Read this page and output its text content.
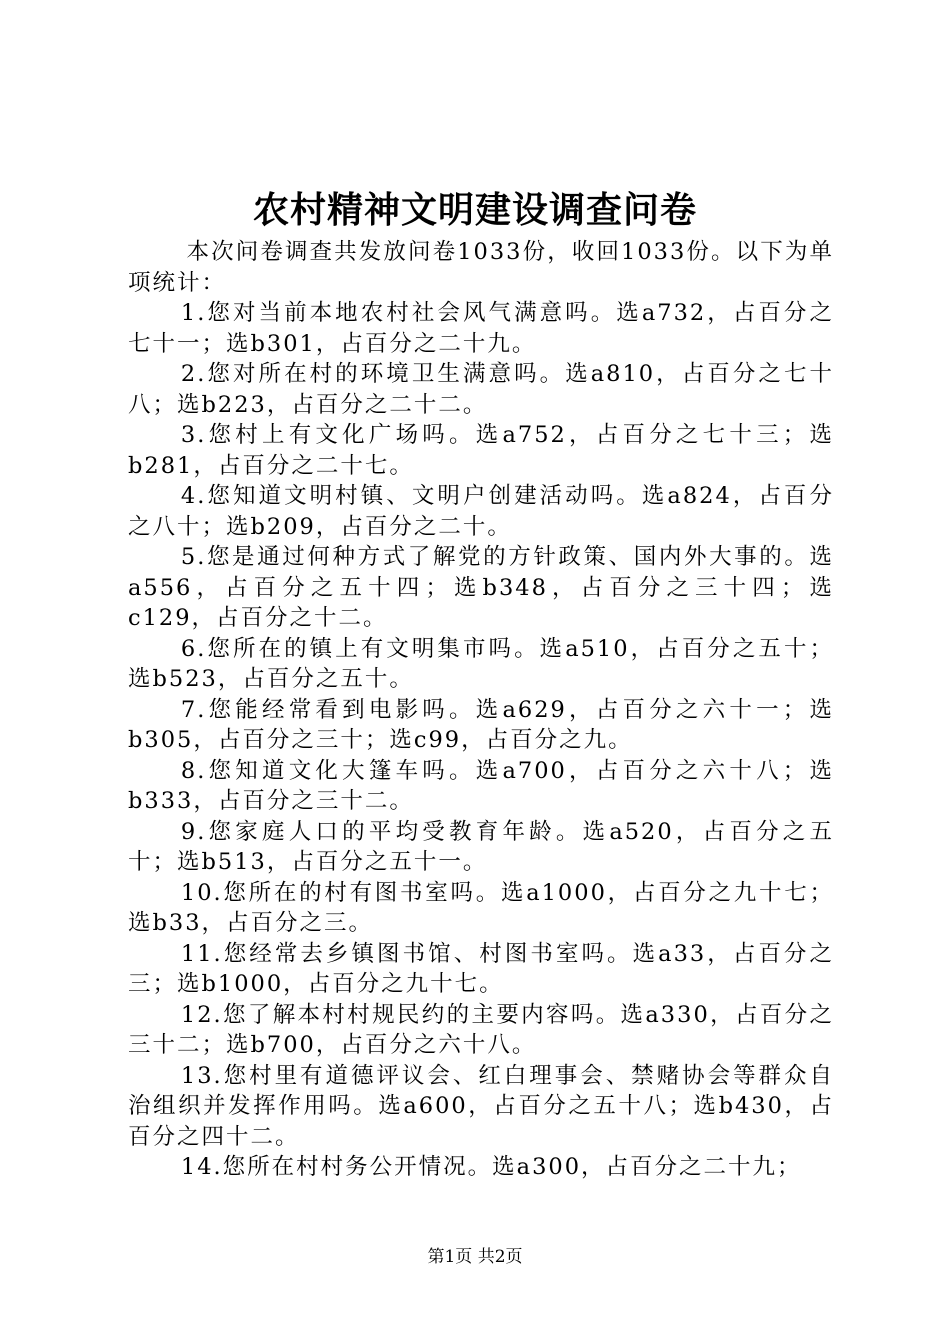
农村精神文明建设调查问卷

本次问卷调查共发放问卷1033份，收回1033份。以下为单项统计：

1.您对当前本地农村社会风气满意吗。选a732，占百分之七十一；选b301，占百分之二十九。

2.您对所在村的环境卫生满意吗。选a810，占百分之七十八；选b223，占百分之二十二。

3.您村上有文化广场吗。选a752，占百分之七十三；选b281，占百分之二十七。

4.您知道文明村镇、文明户创建活动吗。选a824，占百分之八十；选b209，占百分之二十。

5.您是通过何种方式了解党的方针政策、国内外大事的。选a556，占百分之五十四；选b348，占百分之三十四；选c129，占百分之十二。

6.您所在的镇上有文明集市吗。选a510，占百分之五十；选b523，占百分之五十。

7.您能经常看到电影吗。选a629，占百分之六十一；选b305，占百分之三十；选c99，占百分之九。

8.您知道文化大篷车吗。选a700，占百分之六十八；选b333，占百分之三十二。

9.您家庭人口的平均受教育年龄。选a520，占百分之五十；选b513，占百分之五十一。

10.您所在的村有图书室吗。选a1000，占百分之九十七；选b33，占百分之三。

11.您经常去乡镇图书馆、村图书室吗。选a33，占百分之三；选b1000，占百分之九十七。

12.您了解本村村规民约的主要内容吗。选a330，占百分之三十二；选b700，占百分之六十八。

13.您村里有道德评议会、红白理事会、禁赌协会等群众自治组织并发挥作用吗。选a600，占百分之五十八；选b430，占百分之四十二。

14.您所在村村务公开情况。选a300，占百分之二十九；

第1页 共2页
